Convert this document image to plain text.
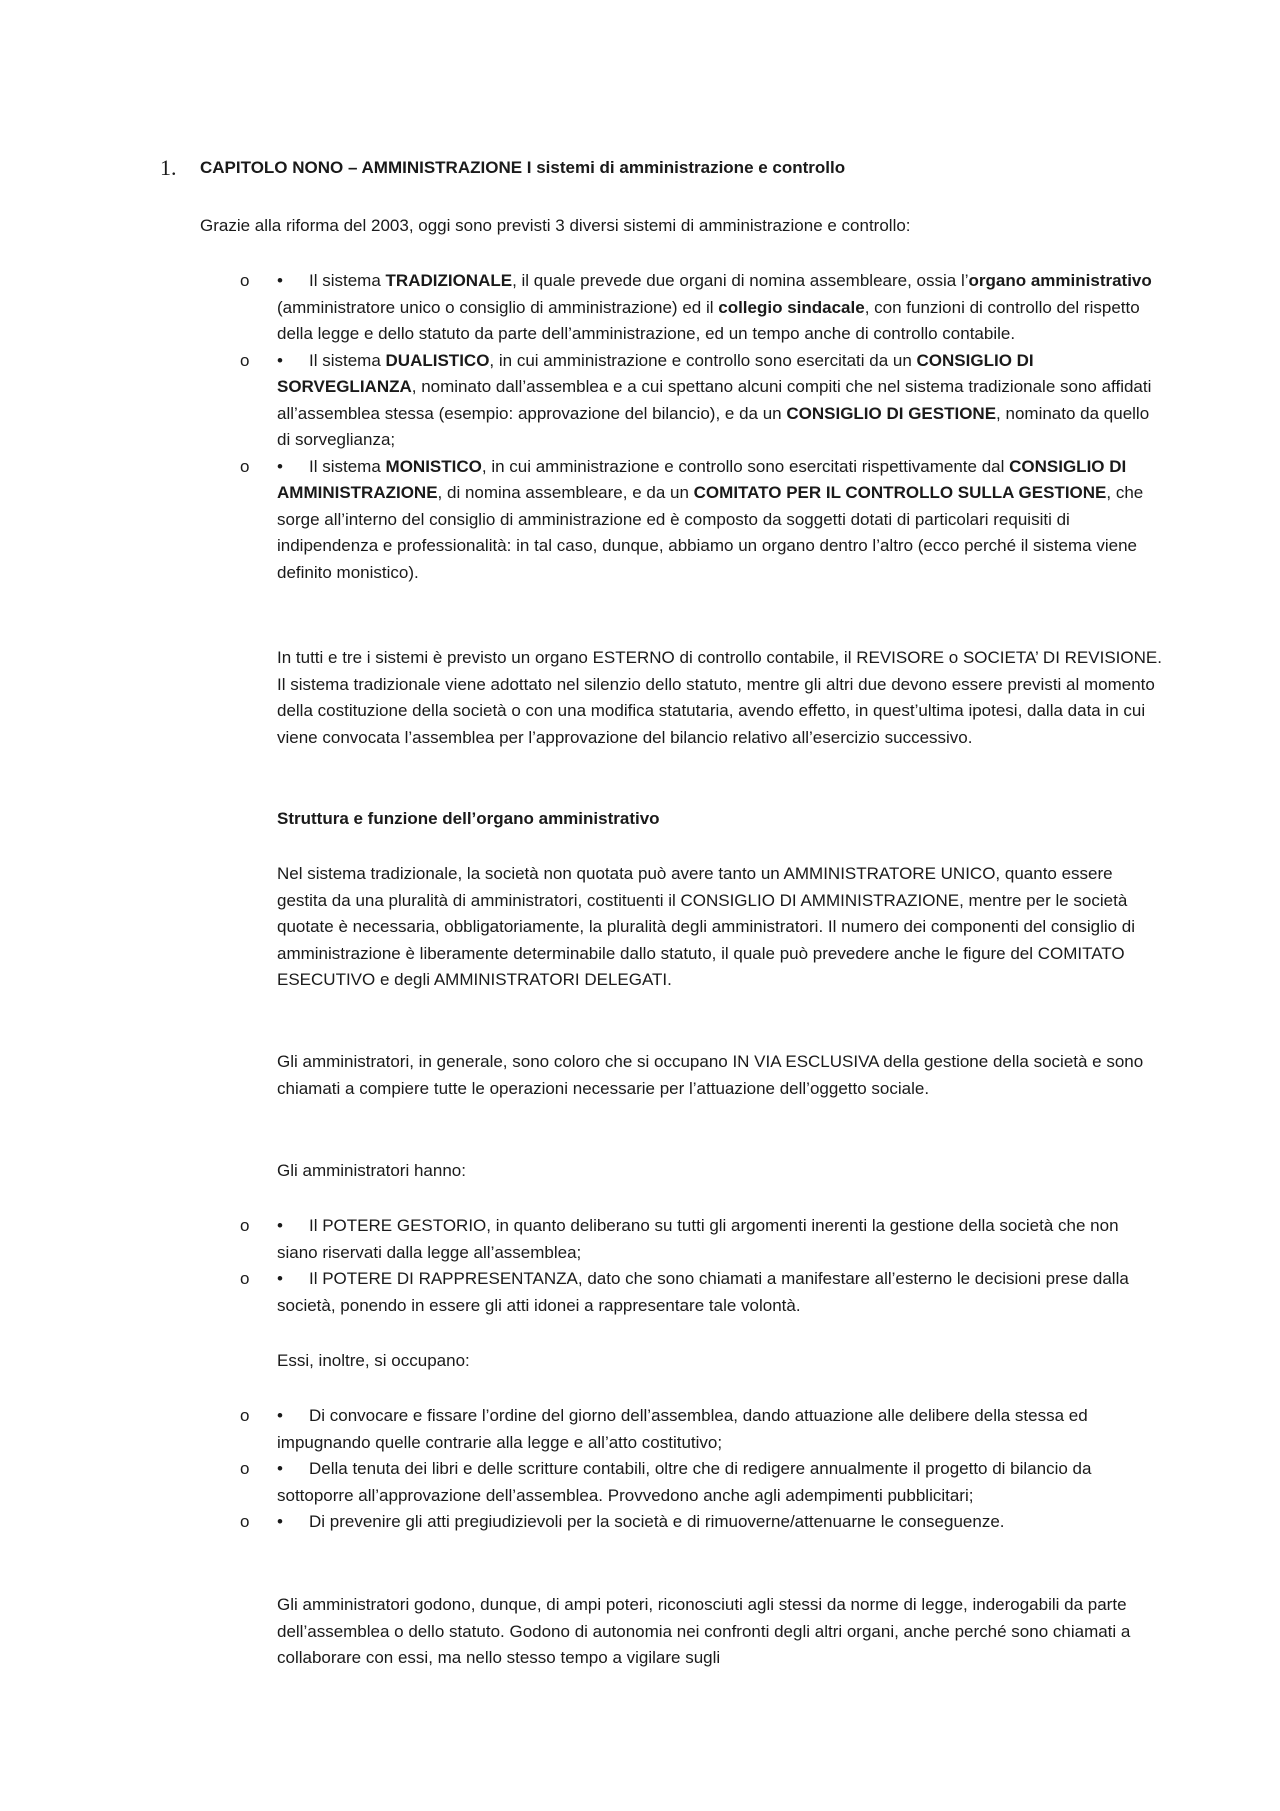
1. CAPITOLO NONO – AMMINISTRAZIONE I sistemi di amministrazione e controllo
Grazie alla riforma del 2003, oggi sono previsti 3 diversi sistemi di amministrazione e controllo:
o •	Il sistema TRADIZIONALE, il quale prevede due organi di nomina assembleare, ossia l’organo amministrativo (amministratore unico o consiglio di amministrazione) ed il collegio sindacale, con funzioni di controllo del rispetto della legge e dello statuto da parte dell’amministrazione, ed un tempo anche di controllo contabile.
o •	Il sistema DUALISTICO, in cui amministrazione e controllo sono esercitati da un CONSIGLIO DI SORVEGLIANZA, nominato dall’assemblea e a cui spettano alcuni compiti che nel sistema tradizionale sono affidati all’assemblea stessa (esempio: approvazione del bilancio), e da un CONSIGLIO DI GESTIONE, nominato da quello di sorveglianza;
o •	Il sistema MONISTICO, in cui amministrazione e controllo sono esercitati rispettivamente dal CONSIGLIO DI AMMINISTRAZIONE, di nomina assembleare, e da un COMITATO PER IL CONTROLLO SULLA GESTIONE, che sorge all’interno del consiglio di amministrazione ed è composto da soggetti dotati di particolari requisiti di indipendenza e professionalità: in tal caso, dunque, abbiamo un organo dentro l’altro (ecco perché il sistema viene definito monistico).
In tutti e tre i sistemi è previsto un organo ESTERNO di controllo contabile, il REVISORE o SOCIETA’ DI REVISIONE. Il sistema tradizionale viene adottato nel silenzio dello statuto, mentre gli altri due devono essere previsti al momento della costituzione della società o con una modifica statutaria, avendo effetto, in quest’ultima ipotesi, dalla data in cui viene convocata l’assemblea per l’approvazione del bilancio relativo all’esercizio successivo.
Struttura e funzione dell’organo amministrativo
Nel sistema tradizionale, la società non quotata può avere tanto un AMMINISTRATORE UNICO, quanto essere gestita da una pluralità di amministratori, costituenti il CONSIGLIO DI AMMINISTRAZIONE, mentre per le società quotate è necessaria, obbligatoriamente, la pluralità degli amministratori. Il numero dei componenti del consiglio di amministrazione è liberamente determinabile dallo statuto, il quale può prevedere anche le figure del COMITATO ESECUTIVO e degli AMMINISTRATORI DELEGATI.
Gli amministratori, in generale, sono coloro che si occupano IN VIA ESCLUSIVA della gestione della società e sono chiamati a compiere tutte le operazioni necessarie per l’attuazione dell’oggetto sociale.
Gli amministratori hanno:
o •	Il POTERE GESTORIO, in quanto deliberano su tutti gli argomenti inerenti la gestione della società che non siano riservati dalla legge all’assemblea;
o •	Il POTERE DI RAPPRESENTANZA, dato che sono chiamati a manifestare all’esterno le decisioni prese dalla società, ponendo in essere gli atti idonei a rappresentare tale volontà.
Essi, inoltre, si occupano:
o •	Di convocare e fissare l’ordine del giorno dell’assemblea, dando attuazione alle delibere della stessa ed impugnando quelle contrarie alla legge e all’atto costitutivo;
o •	Della tenuta dei libri e delle scritture contabili, oltre che di redigere annualmente il progetto di bilancio da sottoporre all’approvazione dell’assemblea. Provvedono anche agli adempimenti pubblicitari;
o •	Di prevenire gli atti pregiudizievoli per la società e di rimuoverne/attenuarne le conseguenze.
Gli amministratori godono, dunque, di ampi poteri, riconosciuti agli stessi da norme di legge, inderogabili da parte dell’assemblea o dello statuto. Godono di autonomia nei confronti degli altri organi, anche perché sono chiamati a collaborare con essi, ma nello stesso tempo a vigilare sugli
